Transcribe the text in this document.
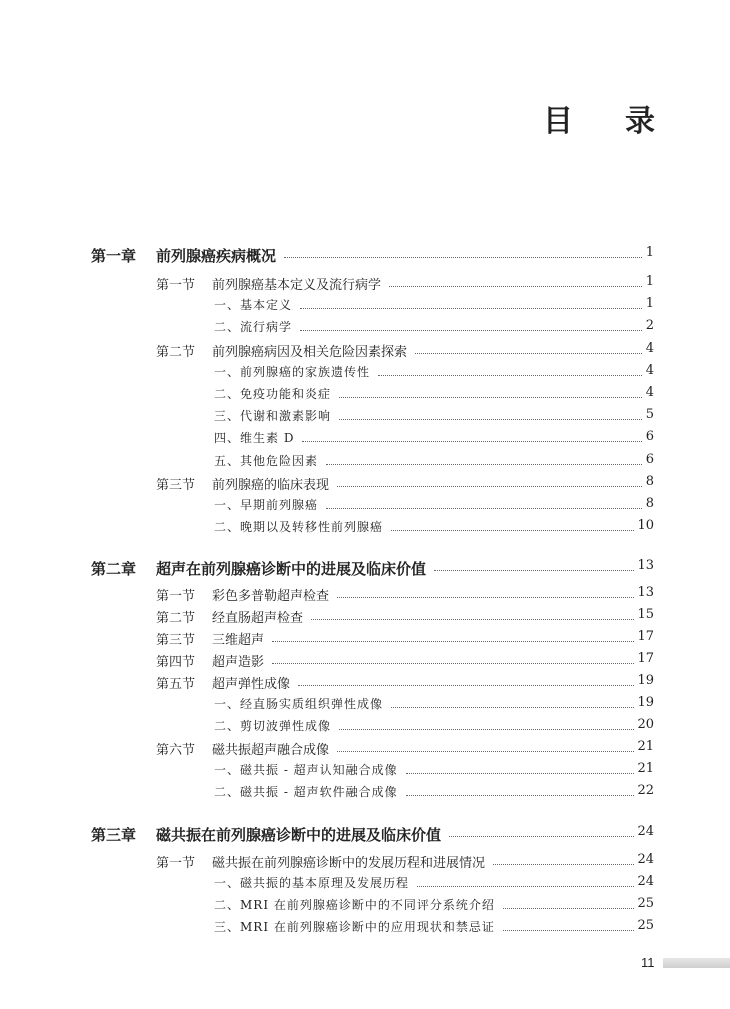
目 录
第一章 前列腺癌疾病概况	1
第一节 前列腺癌基本定义及流行病学	1
一、基本定义	1
二、流行病学	2
第二节 前列腺癌病因及相关危险因素探索	4
一、前列腺癌的家族遗传性	4
二、免疫功能和炎症	4
三、代谢和激素影响	5
四、维生素 D	6
五、其他危险因素	6
第三节 前列腺癌的临床表现	8
一、早期前列腺癌	8
二、晚期以及转移性前列腺癌	10
第二章 超声在前列腺癌诊断中的进展及临床价值	13
第一节 彩色多普勒超声检查	13
第二节 经直肠超声检查	15
第三节 三维超声	17
第四节 超声造影	17
第五节 超声弹性成像	19
一、经直肠实质组织弹性成像	19
二、剪切波弹性成像	20
第六节 磁共振超声融合成像	21
一、磁共振 - 超声认知融合成像	21
二、磁共振 - 超声软件融合成像	22
第三章 磁共振在前列腺癌诊断中的进展及临床价值	24
第一节 磁共振在前列腺癌诊断中的发展历程和进展情况	24
一、磁共振的基本原理及发展历程	24
二、MRI 在前列腺癌诊断中的不同评分系统介绍	25
三、MRI 在前列腺癌诊断中的应用现状和禁忌证	25
11
